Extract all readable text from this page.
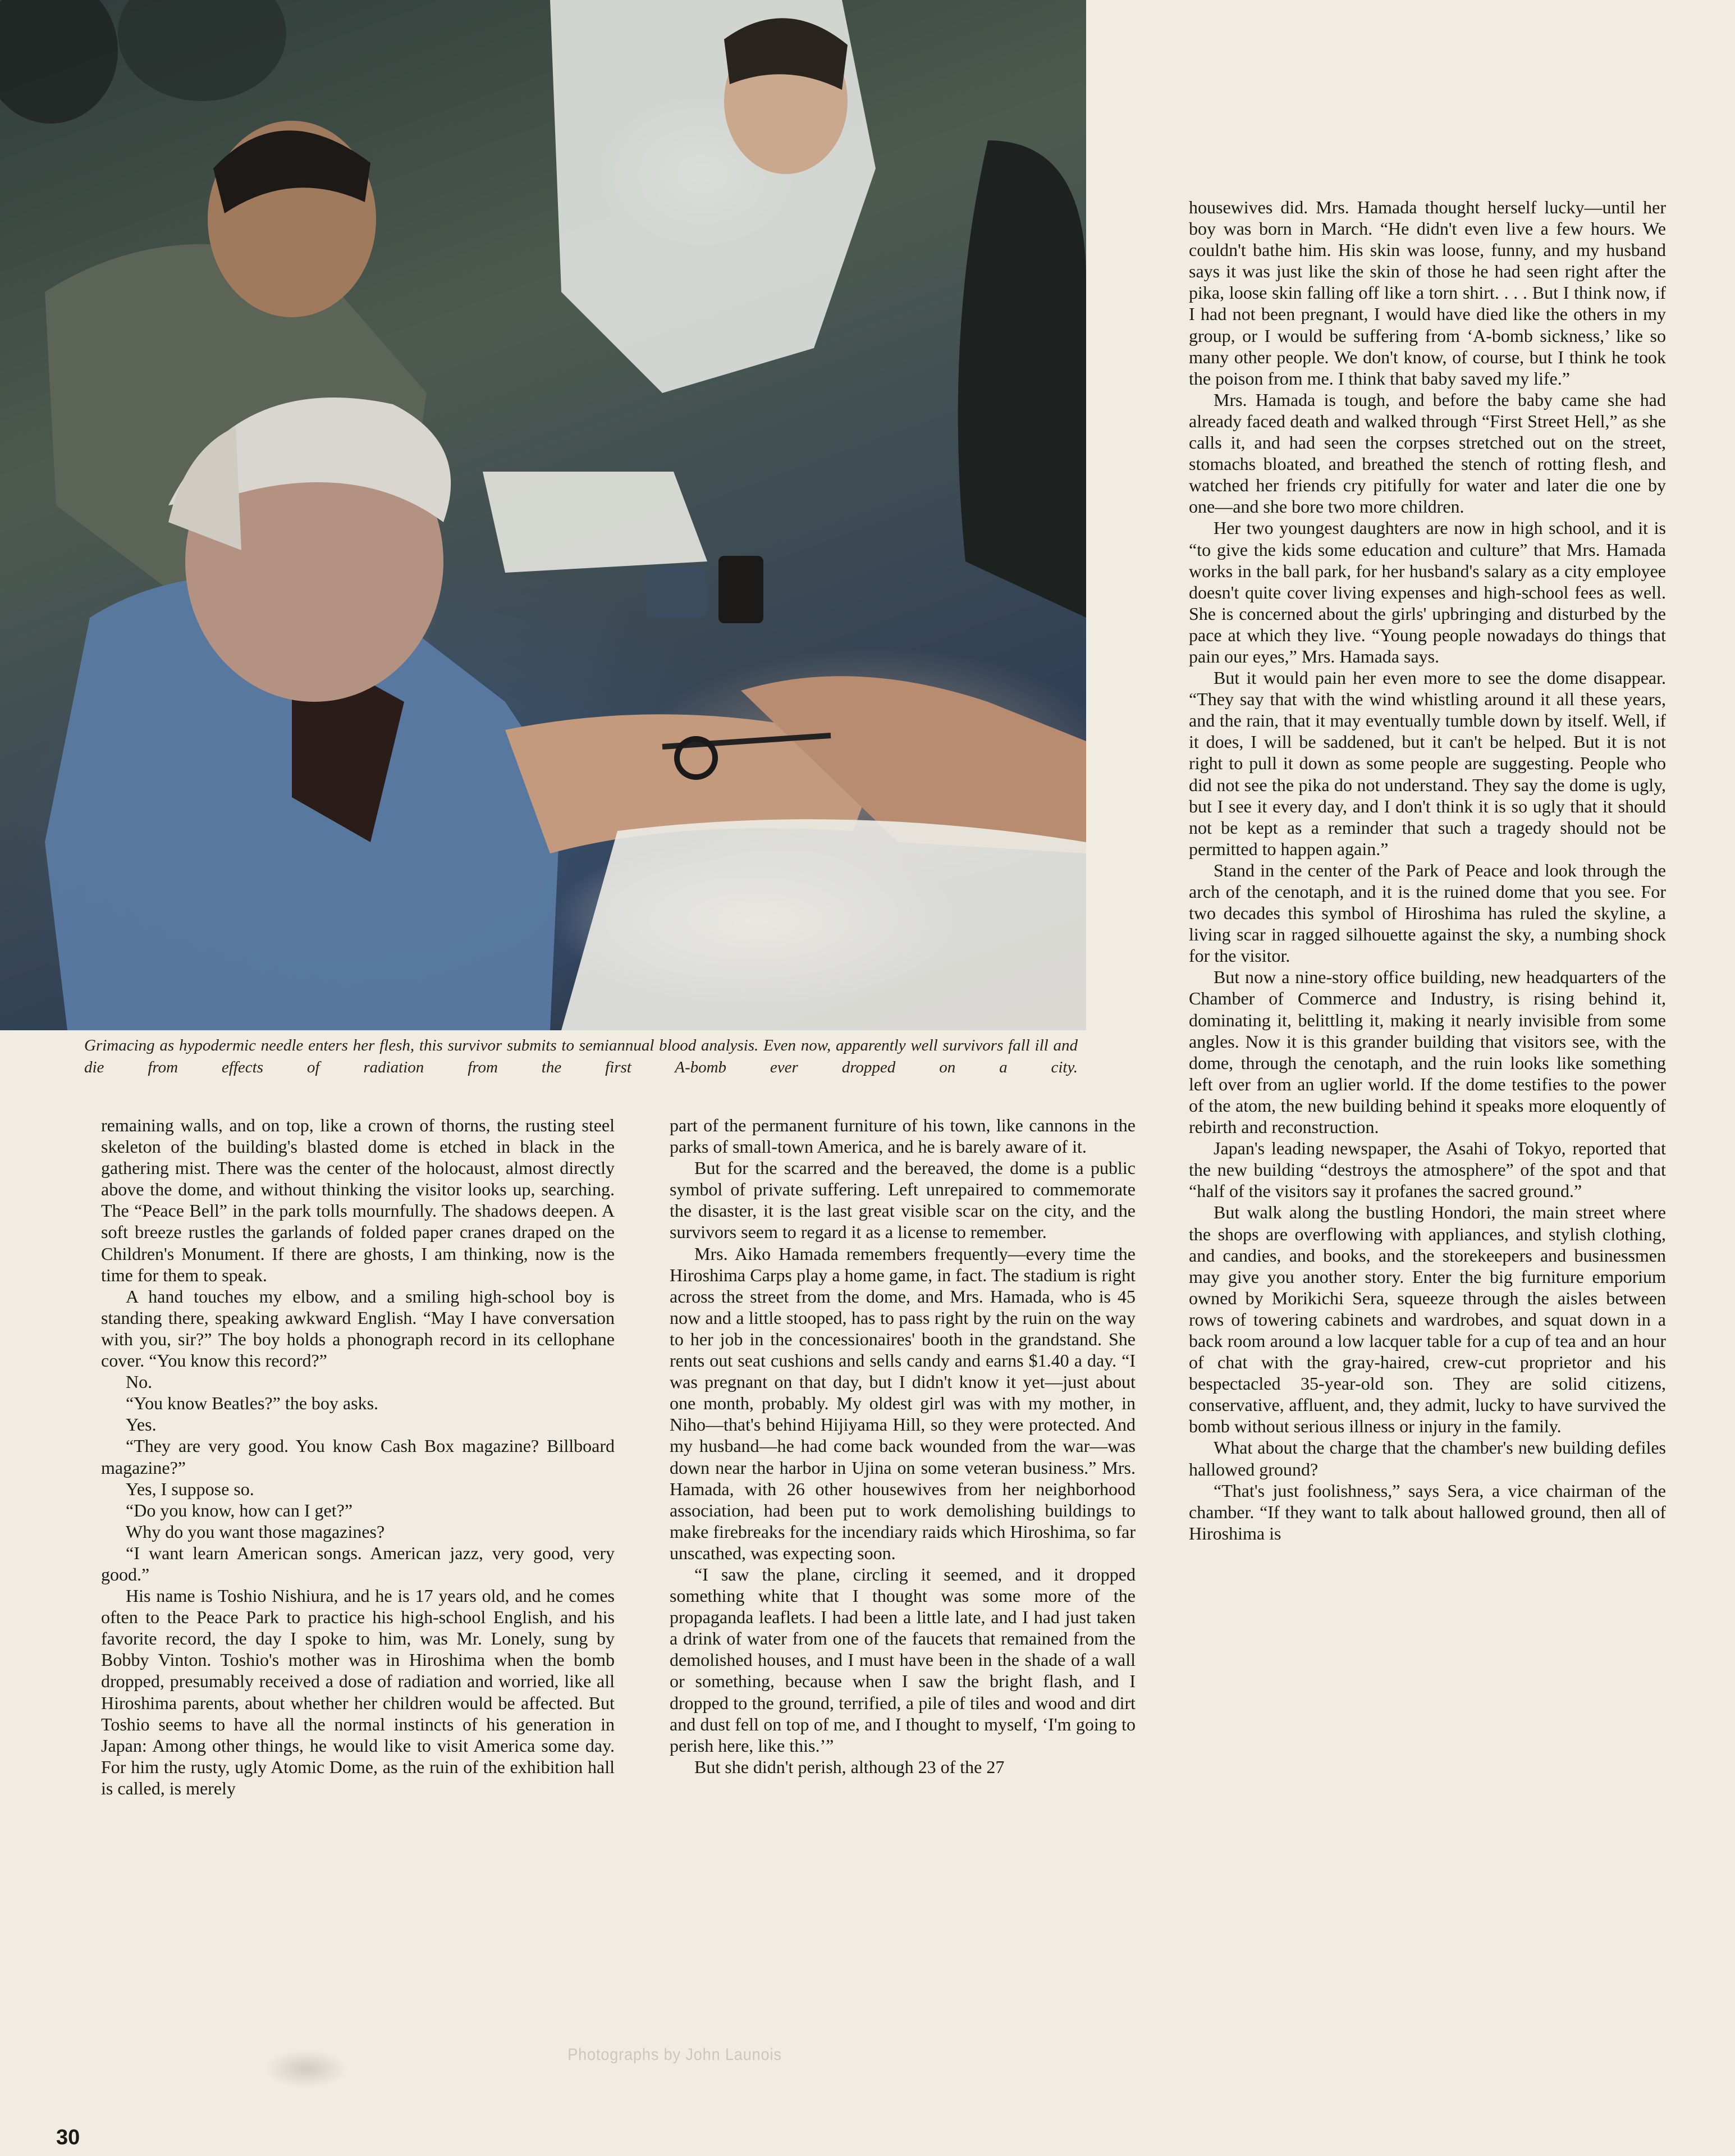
Grimacing as hypodermic needle enters her flesh, this survivor submits to semiannual blood analysis. Even now, apparently well survivors fall ill and die from effects of radiation from the first A-bomb ever dropped on a city.

remaining walls, and on top, like a crown of thorns, the rusting steel skeleton of the building's blasted dome is etched in black in the gathering mist. There was the center of the holocaust, almost directly above the dome, and without thinking the visitor looks up, searching. The “Peace Bell” in the park tolls mournfully. The shadows deepen. A soft breeze rustles the garlands of folded paper cranes draped on the Children's Monument. If there are ghosts, I am thinking, now is the time for them to speak.

A hand touches my elbow, and a smiling high-school boy is standing there, speaking awkward English. “May I have conversation with you, sir?” The boy holds a phonograph record in its cellophane cover. “You know this record?”

No.

“You know Beatles?” the boy asks.

Yes.

“They are very good. You know Cash Box magazine? Billboard magazine?”

Yes, I suppose so.

“Do you know, how can I get?”

Why do you want those magazines?

“I want learn American songs. American jazz, very good, very good.”

His name is Toshio Nishiura, and he is 17 years old, and he comes often to the Peace Park to practice his high-school English, and his favorite record, the day I spoke to him, was Mr. Lonely, sung by Bobby Vinton. Toshio's mother was in Hiroshima when the bomb dropped, presumably received a dose of radiation and worried, like all Hiroshima parents, about whether her children would be affected. But Toshio seems to have all the normal instincts of his generation in Japan: Among other things, he would like to visit America some day. For him the rusty, ugly Atomic Dome, as the ruin of the exhibition hall is called, is merely

part of the permanent furniture of his town, like cannons in the parks of small-town America, and he is barely aware of it.

But for the scarred and the bereaved, the dome is a public symbol of private suffering. Left unrepaired to commemorate the disaster, it is the last great visible scar on the city, and the survivors seem to regard it as a license to remember.

Mrs. Aiko Hamada remembers frequently—every time the Hiroshima Carps play a home game, in fact. The stadium is right across the street from the dome, and Mrs. Hamada, who is 45 now and a little stooped, has to pass right by the ruin on the way to her job in the concessionaires' booth in the grandstand. She rents out seat cushions and sells candy and earns $1.40 a day. “I was pregnant on that day, but I didn't know it yet—just about one month, probably. My oldest girl was with my mother, in Niho—that's behind Hijiyama Hill, so they were protected. And my husband—he had come back wounded from the war—was down near the harbor in Ujina on some veteran business.” Mrs. Hamada, with 26 other housewives from her neighborhood association, had been put to work demolishing buildings to make firebreaks for the incendiary raids which Hiroshima, so far unscathed, was expecting soon.

“I saw the plane, circling it seemed, and it dropped something white that I thought was some more of the propaganda leaflets. I had been a little late, and I had just taken a drink of water from one of the faucets that remained from the demolished houses, and I must have been in the shade of a wall or something, because when I saw the bright flash, and I dropped to the ground, terrified, a pile of tiles and wood and dirt and dust fell on top of me, and I thought to myself, ‘I'm going to perish here, like this.’”

But she didn't perish, although 23 of the 27

housewives did. Mrs. Hamada thought herself lucky—until her boy was born in March. “He didn't even live a few hours. We couldn't bathe him. His skin was loose, funny, and my husband says it was just like the skin of those he had seen right after the pika, loose skin falling off like a torn shirt. . . . But I think now, if I had not been pregnant, I would have died like the others in my group, or I would be suffering from ‘A-bomb sickness,’ like so many other people. We don't know, of course, but I think he took the poison from me. I think that baby saved my life.”

Mrs. Hamada is tough, and before the baby came she had already faced death and walked through “First Street Hell,” as she calls it, and had seen the corpses stretched out on the street, stomachs bloated, and breathed the stench of rotting flesh, and watched her friends cry pitifully for water and later die one by one—and she bore two more children.

Her two youngest daughters are now in high school, and it is “to give the kids some education and culture” that Mrs. Hamada works in the ball park, for her husband's salary as a city employee doesn't quite cover living expenses and high-school fees as well. She is concerned about the girls' upbringing and disturbed by the pace at which they live. “Young people nowadays do things that pain our eyes,” Mrs. Hamada says.

But it would pain her even more to see the dome disappear. “They say that with the wind whistling around it all these years, and the rain, that it may eventually tumble down by itself. Well, if it does, I will be saddened, but it can't be helped. But it is not right to pull it down as some people are suggesting. People who did not see the pika do not understand. They say the dome is ugly, but I see it every day, and I don't think it is so ugly that it should not be kept as a reminder that such a tragedy should not be permitted to happen again.”

Stand in the center of the Park of Peace and look through the arch of the cenotaph, and it is the ruined dome that you see. For two decades this symbol of Hiroshima has ruled the skyline, a living scar in ragged silhouette against the sky, a numbing shock for the visitor.

But now a nine-story office building, new headquarters of the Chamber of Commerce and Industry, is rising behind it, dominating it, belittling it, making it nearly invisible from some angles. Now it is this grander building that visitors see, with the dome, through the cenotaph, and the ruin looks like something left over from an uglier world. If the dome testifies to the power of the atom, the new building behind it speaks more eloquently of rebirth and reconstruction.

Japan's leading newspaper, the Asahi of Tokyo, reported that the new building “destroys the atmosphere” of the spot and that “half of the visitors say it profanes the sacred ground.”

But walk along the bustling Hondori, the main street where the shops are overflowing with appliances, and stylish clothing, and candies, and books, and the storekeepers and businessmen may give you another story. Enter the big furniture emporium owned by Morikichi Sera, squeeze through the aisles between rows of towering cabinets and wardrobes, and squat down in a back room around a low lacquer table for a cup of tea and an hour of chat with the gray-haired, crew-cut proprietor and his bespectacled 35-year-old son. They are solid citizens, conservative, affluent, and, they admit, lucky to have survived the bomb without serious illness or injury in the family.

What about the charge that the chamber's new building defiles hallowed ground?

“That's just foolishness,” says Sera, a vice chairman of the chamber. “If they want to talk about hallowed ground, then all of Hiroshima is

Photographs by John Launois
30
